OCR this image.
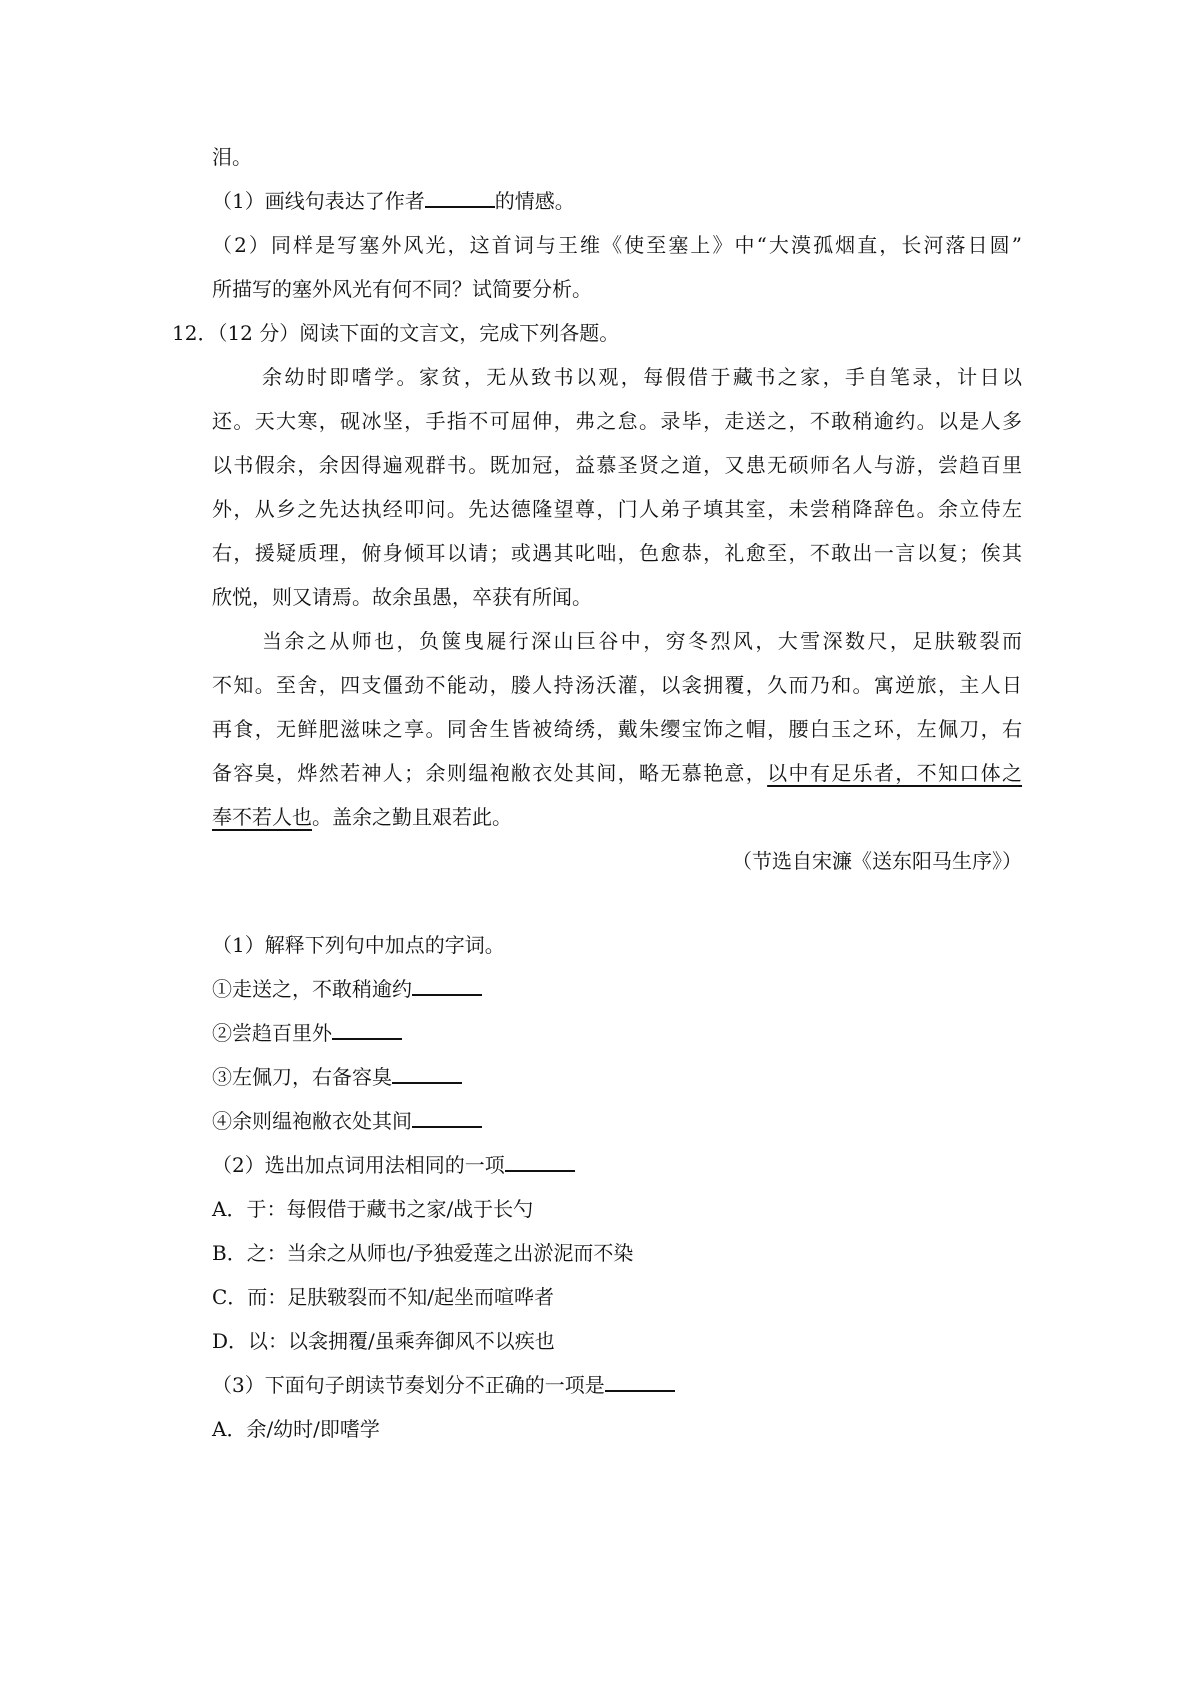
泪。
（1）画线句表达了作者	的情感。
（2）同样是写塞外风光，这首词与王维《使至塞上》中“大漠孤烟直，长河落日圆”
所描写的塞外风光有何不同？试简要分析。
12．（12 分）阅读下面的文言文，完成下列各题。
余幼时即嗜学。家贫，无从致书以观，每假借于藏书之家，手自笔录，计日以
还。天大寒，砚冰坚，手指不可屈伸，弗之怠。录毕，走送之，不敢稍逾约。以是人多
以书假余，余因得遍观群书。既加冠，益慕圣贤之道，又患无硕师名人与游，尝趋百里
外，从乡之先达执经叩问。先达德隆望尊，门人弟子填其室，未尝稍降辞色。余立侍左
右，援疑质理，俯身倾耳以请；或遇其叱咄，色愈恭，礼愈至，不敢出一言以复；俟其
欣悦，则又请焉。故余虽愚，卒获有所闻。
当余之从师也，负箧曳屣行深山巨谷中，穷冬烈风，大雪深数尺，足肤皲裂而
不知。至舍，四支僵劲不能动，媵人持汤沃灌，以衾拥覆，久而乃和。寓逆旅，主人日
再食，无鲜肥滋味之享。同舍生皆被绮绣，戴朱缨宝饰之帽，腰白玉之环，左佩刀，右
备容臭，烨然若神人；余则缊袍敝衣处其间，略无慕艳意，以中有足乐者，不知口体之
奉不若人也。盖余之勤且艰若此。
（节选自宋濂《送东阳马生序》）
（1）解释下列句中加点的字词。
①走送之，不敢稍逾约
②尝趋百里外
③左佩刀，右备容臭
④余则缊袍敝衣处其间
（2）选出加点词用法相同的一项
A．于：每假借于藏书之家/战于长勺
B．之：当余之从师也/予独爱莲之出淤泥而不染
C．而：足肤皲裂而不知/起坐而喧哗者
D．以：以衾拥覆/虽乘奔御风不以疾也
（3）下面句子朗读节奏划分不正确的一项是
A．余/幼时/即嗜学
